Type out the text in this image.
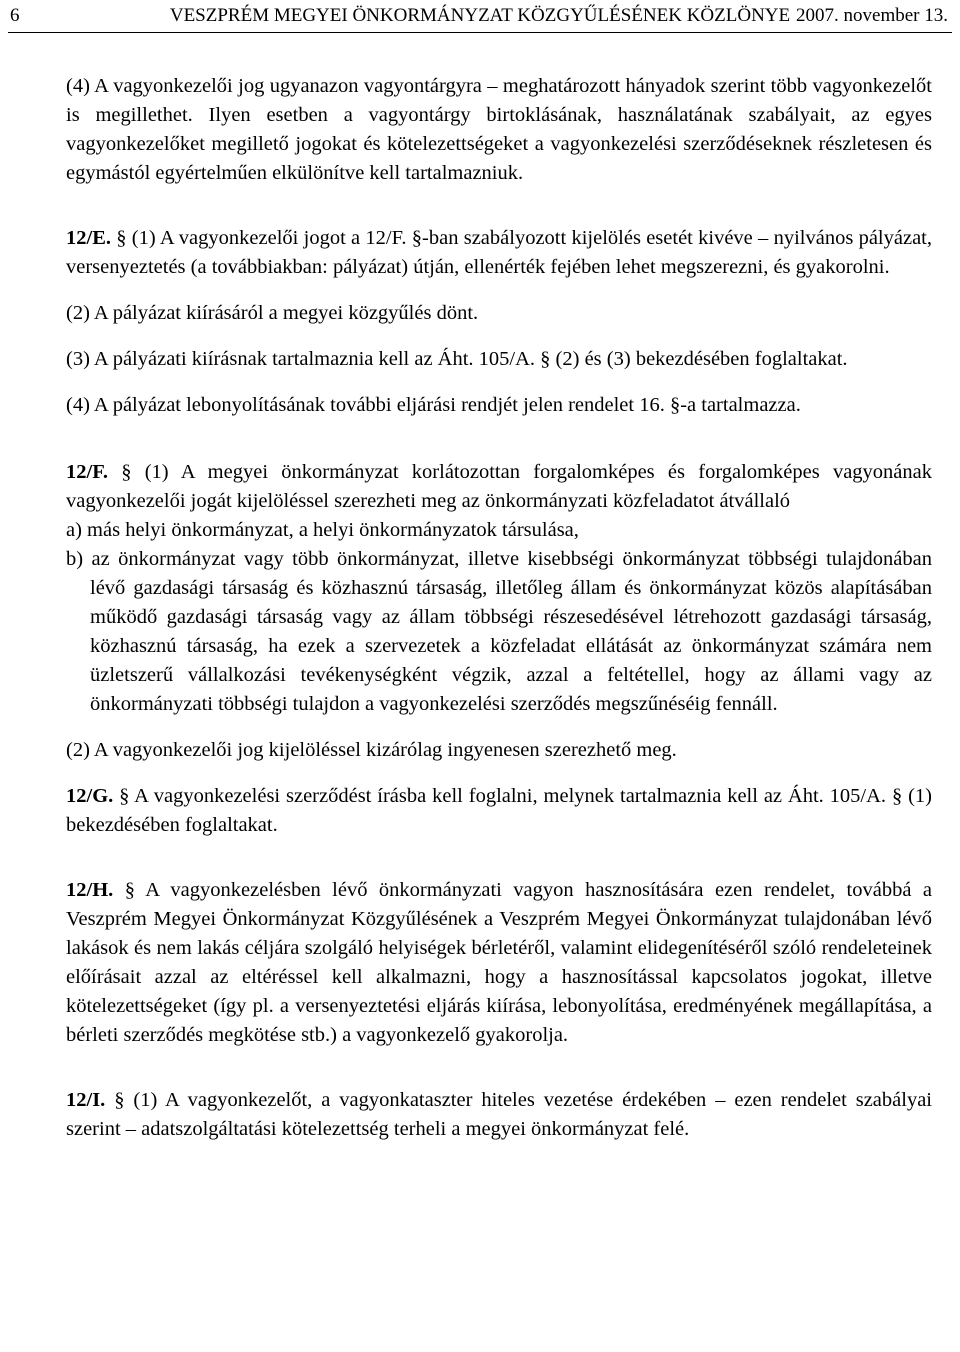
6	VESZPRÉM MEGYEI ÖNKORMÁNYZAT KÖZGYŰLÉSÉNEK KÖZLÖNYE 2007. november 13.

(4) A vagyonkezelői jog ugyanazon vagyontárgyra – meghatározott hányadok szerint több vagyonkezelőt is megillethet. Ilyen esetben a vagyontárgy birtoklásának, használatának szabályait, az egyes vagyonkezelőket megillető jogokat és kötelezettségeket a vagyonkezelési szerződéseknek részletesen és egymástól egyértelműen elkülönítve kell tartalmazniuk.

12/E. § (1) A vagyonkezelői jogot a 12/F. §-ban szabályozott kijelölés esetét kivéve – nyilvános pályázat, versenyeztetés (a továbbiakban: pályázat) útján, ellenérték fejében lehet megszerezni, és gyakorolni.

(2) A pályázat kiírásáról a megyei közgyűlés dönt.

(3) A pályázati kiírásnak tartalmaznia kell az Áht. 105/A. § (2) és (3) bekezdésében foglaltakat.

(4) A pályázat lebonyolításának további eljárási rendjét jelen rendelet 16. §-a tartalmazza.

12/F. § (1) A megyei önkormányzat korlátozottan forgalomképes és forgalomképes vagyonának vagyonkezelői jogát kijelöléssel szerezheti meg az önkormányzati közfeladatot átvállaló

a) más helyi önkormányzat, a helyi önkormányzatok társulása,

b) az önkormányzat vagy több önkormányzat, illetve kisebbségi önkormányzat többségi tulajdonában lévő gazdasági társaság és közhasznú társaság, illetőleg állam és önkormányzat közös alapításában működő gazdasági társaság vagy az állam többségi részesedésével létrehozott gazdasági társaság, közhasznú társaság, ha ezek a szervezetek a közfeladat ellátását az önkormányzat számára nem üzletszerű vállalkozási tevékenységként végzik, azzal a feltétellel, hogy az állami vagy az önkormányzati többségi tulajdon a vagyonkezelési szerződés megszűnéséig fennáll.

(2) A vagyonkezelői jog kijelöléssel kizárólag ingyenesen szerezhető meg.

12/G. § A vagyonkezelési szerződést írásba kell foglalni, melynek tartalmaznia kell az Áht. 105/A. § (1) bekezdésében foglaltakat.

12/H. § A vagyonkezelésben lévő önkormányzati vagyon hasznosítására ezen rendelet, továbbá a Veszprém Megyei Önkormányzat Közgyűlésének a Veszprém Megyei Önkormányzat tulajdonában lévő lakások és nem lakás céljára szolgáló helyiségek bérletéről, valamint elidegenítéséről szóló rendeleteinek előírásait azzal az eltéréssel kell alkalmazni, hogy a hasznosítással kapcsolatos jogokat, illetve kötelezettségeket (így pl. a versenyeztetési eljárás kiírása, lebonyolítása, eredményének megállapítása, a bérleti szerződés megkötése stb.) a vagyonkezelő gyakorolja.

12/I. § (1) A vagyonkezelőt, a vagyonkataszter hiteles vezetése érdekében – ezen rendelet szabályai szerint – adatszolgáltatási kötelezettség terheli a megyei önkormányzat felé.
